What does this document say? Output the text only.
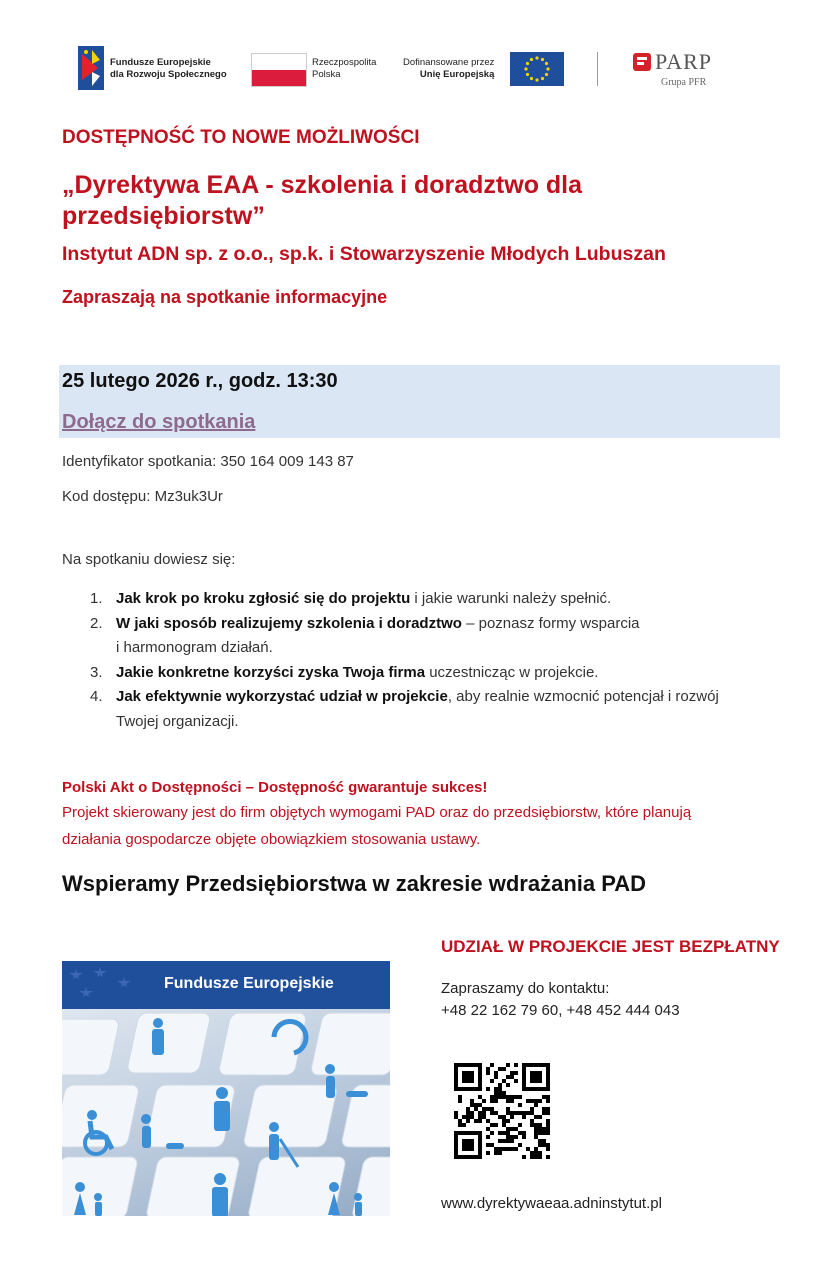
Fundusze Europejskie
dla Rozwoju Społecznego
Rzeczpospolita
Polska
Dofinansowane przez
Unię Europejską
PARP
Grupa PFR
DOSTĘPNOŚĆ TO NOWE MOŻLIWOŚCI
„Dyrektywa EAA - szkolenia i doradztwo dla
przedsiębiorstw”
Instytut ADN sp. z o.o., sp.k. i Stowarzyszenie Młodych Lubuszan
Zapraszają na spotkanie informacyjne
25 lutego 2026 r., godz. 13:30
Dołącz do spotkania
Identyfikator spotkania: 350 164 009 143 87
Kod dostępu: Mz3uk3Ur
Na spotkaniu dowiesz się:
1. Jak krok po kroku zgłosić się do projektu i jakie warunki należy spełnić.
2. W jaki sposób realizujemy szkolenia i doradztwo – poznasz formy wsparcia
i harmonogram działań.
3. Jakie konkretne korzyści zyska Twoja firma uczestnicząc w projekcie.
4. Jak efektywnie wykorzystać udział w projekcie, aby realnie wzmocnić potencjał i rozwój
Twojej organizacji.
Polski Akt o Dostępności – Dostępność gwarantuje sukces!
Projekt skierowany jest do firm objętych wymogami PAD oraz do przedsiębiorstw, które planują
działania gospodarcze objęte obowiązkiem stosowania ustawy.
Wspieramy Przedsiębiorstwa w zakresie wdrażania PAD
Fundusze Europejskie
UDZIAŁ W PROJEKCIE JEST BEZPŁATNY
Zapraszamy do kontaktu:
+48 22 162 79 60, +48 452 444 043
www.dyrektywaeaa.adninstytut.pl
